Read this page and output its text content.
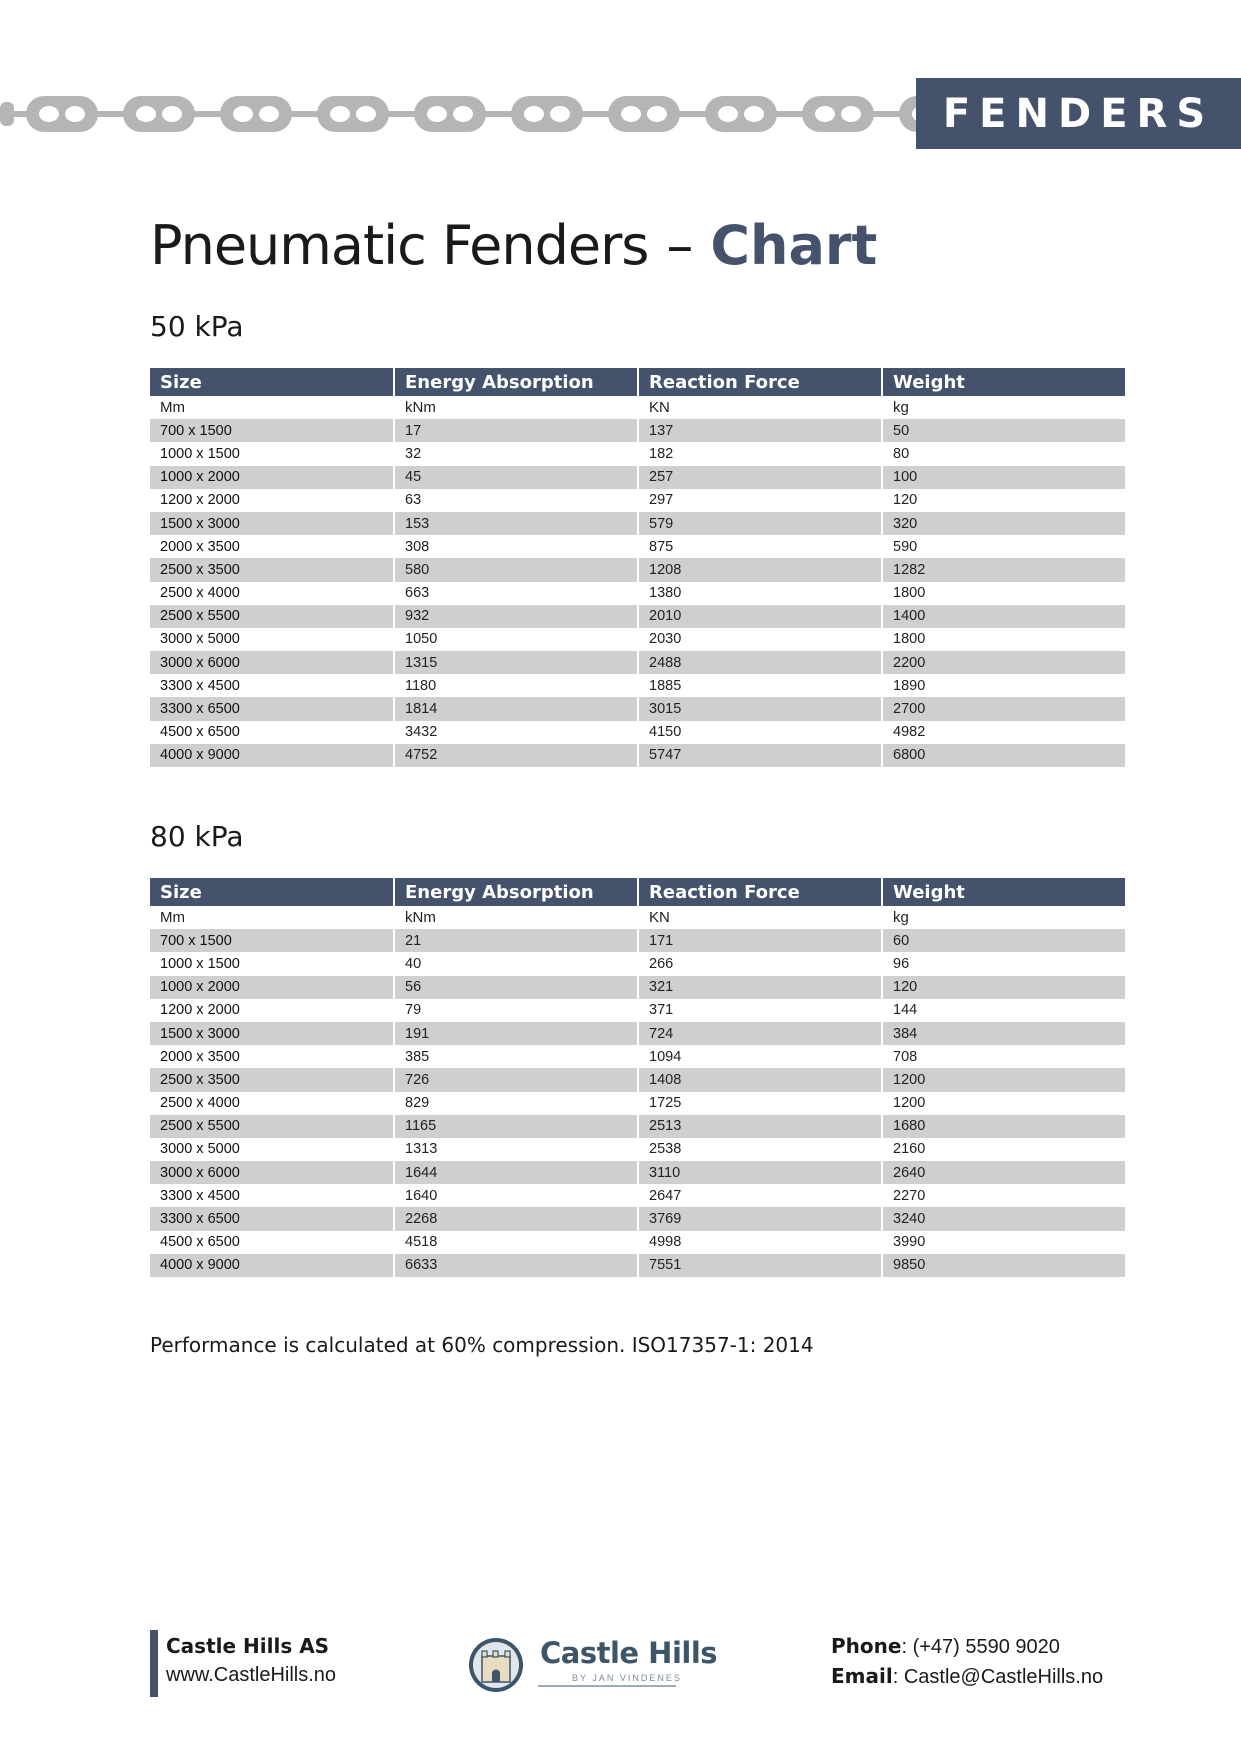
FENDERS
Pneumatic Fenders – Chart
50 kPa
Size	Energy Absorption	Reaction Force	Weight
Mm	kNm	KN	kg
700 x 1500	17	137	50
1000 x 1500	32	182	80
1000 x 2000	45	257	100
1200 x 2000	63	297	120
1500 x 3000	153	579	320
2000 x 3500	308	875	590
2500 x 3500	580	1208	1282
2500 x 4000	663	1380	1800
2500 x 5500	932	2010	1400
3000 x 5000	1050	2030	1800
3000 x 6000	1315	2488	2200
3300 x 4500	1180	1885	1890
3300 x 6500	1814	3015	2700
4500 x 6500	3432	4150	4982
4000 x 9000	4752	5747	6800
80 kPa
Size	Energy Absorption	Reaction Force	Weight
Mm	kNm	KN	kg
700 x 1500	21	171	60
1000 x 1500	40	266	96
1000 x 2000	56	321	120
1200 x 2000	79	371	144
1500 x 3000	191	724	384
2000 x 3500	385	1094	708
2500 x 3500	726	1408	1200
2500 x 4000	829	1725	1200
2500 x 5500	1165	2513	1680
3000 x 5000	1313	2538	2160
3000 x 6000	1644	3110	2640
3300 x 4500	1640	2647	2270
3300 x 6500	2268	3769	3240
4500 x 6500	4518	4998	3990
4000 x 9000	6633	7551	9850
Performance is calculated at 60% compression. ISO17357-1: 2014
Castle Hills AS
www.CastleHills.no
Castle Hills
BY JAN VINDENES
Phone: (+47) 5590 9020
Email: Castle@CastleHills.no
